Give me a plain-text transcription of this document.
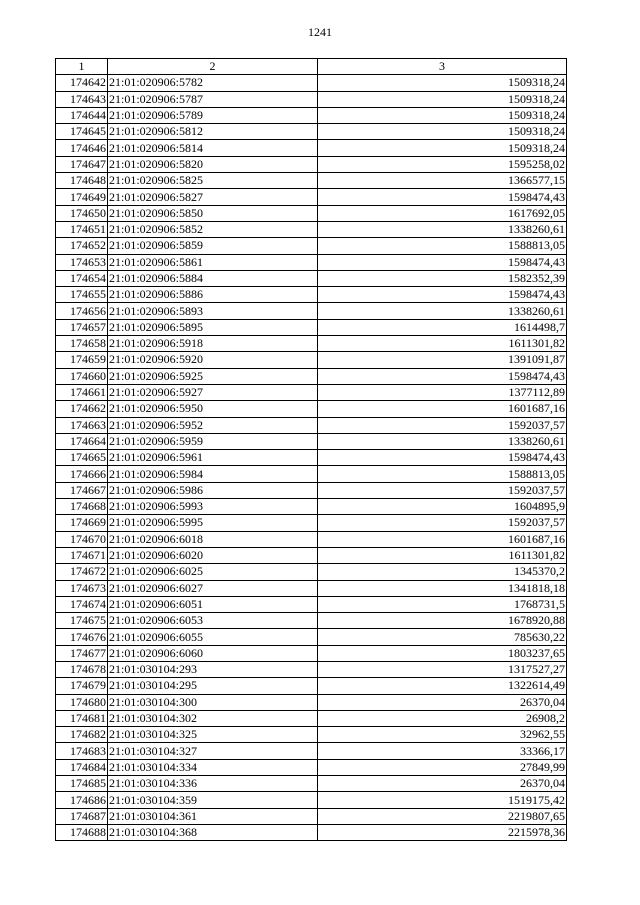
1241
1	2	3
174642	21:01:020906:5782	1509318,24
174643	21:01:020906:5787	1509318,24
174644	21:01:020906:5789	1509318,24
174645	21:01:020906:5812	1509318,24
174646	21:01:020906:5814	1509318,24
174647	21:01:020906:5820	1595258,02
174648	21:01:020906:5825	1366577,15
174649	21:01:020906:5827	1598474,43
174650	21:01:020906:5850	1617692,05
174651	21:01:020906:5852	1338260,61
174652	21:01:020906:5859	1588813,05
174653	21:01:020906:5861	1598474,43
174654	21:01:020906:5884	1582352,39
174655	21:01:020906:5886	1598474,43
174656	21:01:020906:5893	1338260,61
174657	21:01:020906:5895	1614498,7
174658	21:01:020906:5918	1611301,82
174659	21:01:020906:5920	1391091,87
174660	21:01:020906:5925	1598474,43
174661	21:01:020906:5927	1377112,89
174662	21:01:020906:5950	1601687,16
174663	21:01:020906:5952	1592037,57
174664	21:01:020906:5959	1338260,61
174665	21:01:020906:5961	1598474,43
174666	21:01:020906:5984	1588813,05
174667	21:01:020906:5986	1592037,57
174668	21:01:020906:5993	1604895,9
174669	21:01:020906:5995	1592037,57
174670	21:01:020906:6018	1601687,16
174671	21:01:020906:6020	1611301,82
174672	21:01:020906:6025	1345370,2
174673	21:01:020906:6027	1341818,18
174674	21:01:020906:6051	1768731,5
174675	21:01:020906:6053	1678920,88
174676	21:01:020906:6055	785630,22
174677	21:01:020906:6060	1803237,65
174678	21:01:030104:293	1317527,27
174679	21:01:030104:295	1322614,49
174680	21:01:030104:300	26370,04
174681	21:01:030104:302	26908,2
174682	21:01:030104:325	32962,55
174683	21:01:030104:327	33366,17
174684	21:01:030104:334	27849,99
174685	21:01:030104:336	26370,04
174686	21:01:030104:359	1519175,42
174687	21:01:030104:361	2219807,65
174688	21:01:030104:368	2215978,36
